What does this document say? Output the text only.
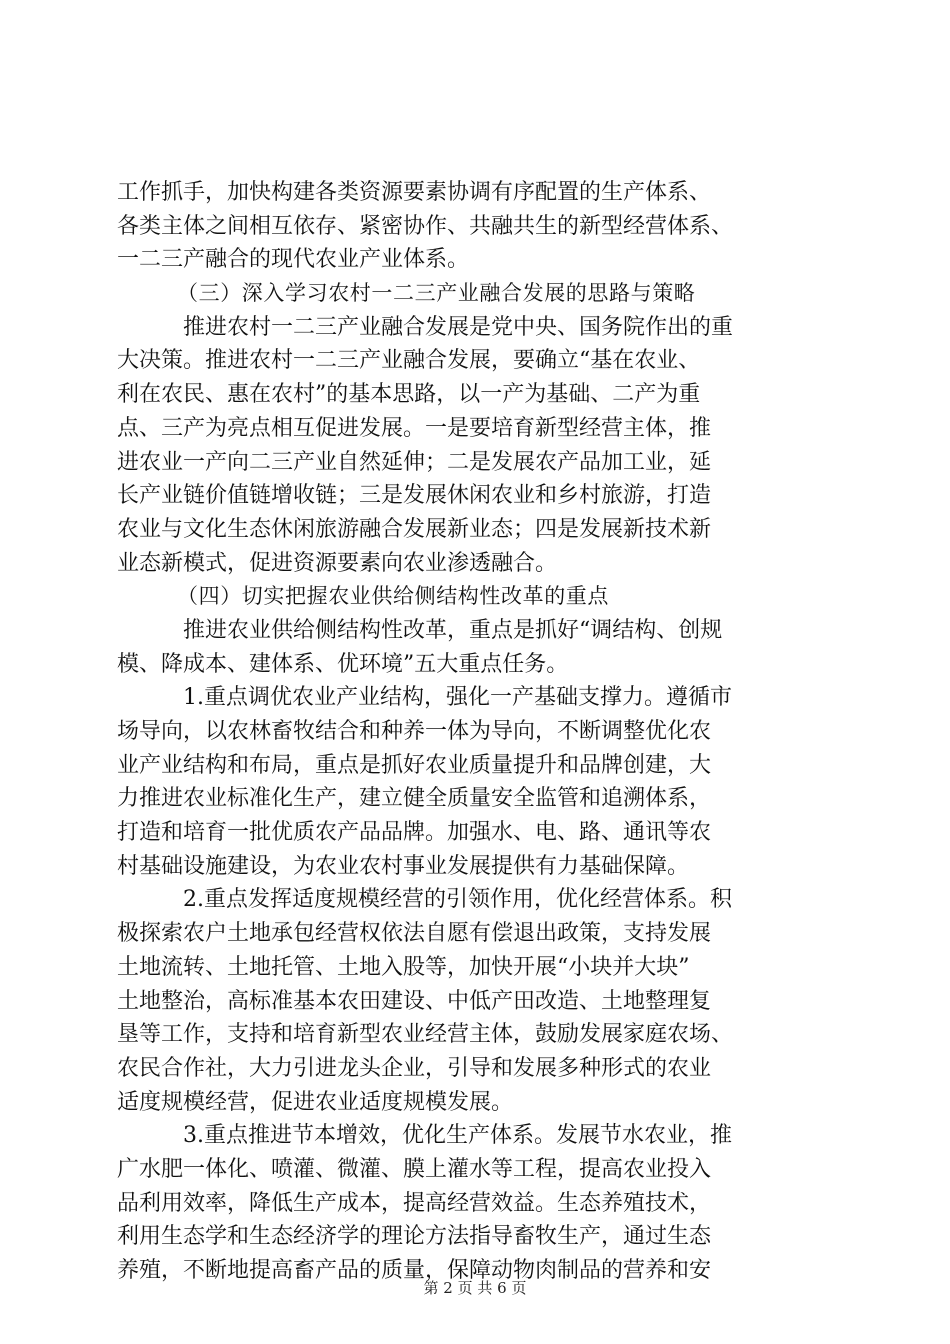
工作抓手，加快构建各类资源要素协调有序配置的生产体系、
各类主体之间相互依存、紧密协作、共融共生的新型经营体系、
一二三产融合的现代农业产业体系。
（三）深入学习农村一二三产业融合发展的思路与策略
推进农村一二三产业融合发展是党中央、国务院作出的重
大决策。推进农村一二三产业融合发展，要确立“基在农业、
利在农民、惠在农村”的基本思路，以一产为基础、二产为重
点、三产为亮点相互促进发展。一是要培育新型经营主体，推
进农业一产向二三产业自然延伸；二是发展农产品加工业，延
长产业链价值链增收链；三是发展休闲农业和乡村旅游，打造
农业与文化生态休闲旅游融合发展新业态；四是发展新技术新
业态新模式，促进资源要素向农业渗透融合。
（四）切实把握农业供给侧结构性改革的重点
推进农业供给侧结构性改革，重点是抓好“调结构、创规
模、降成本、建体系、优环境”五大重点任务。
1.重点调优农业产业结构，强化一产基础支撑力。遵循市
场导向，以农林畜牧结合和种养一体为导向，不断调整优化农
业产业结构和布局，重点是抓好农业质量提升和品牌创建，大
力推进农业标准化生产，建立健全质量安全监管和追溯体系，
打造和培育一批优质农产品品牌。加强水、电、路、通讯等农
村基础设施建设，为农业农村事业发展提供有力基础保障。
2.重点发挥适度规模经营的引领作用，优化经营体系。积
极探索农户土地承包经营权依法自愿有偿退出政策，支持发展
土地流转、土地托管、土地入股等，加快开展“小块并大块”
土地整治，高标准基本农田建设、中低产田改造、土地整理复
垦等工作，支持和培育新型农业经营主体，鼓励发展家庭农场、
农民合作社，大力引进龙头企业，引导和发展多种形式的农业
适度规模经营，促进农业适度规模发展。
3.重点推进节本增效，优化生产体系。发展节水农业，推
广水肥一体化、喷灌、微灌、膜上灌水等工程，提高农业投入
品利用效率，降低生产成本，提高经营效益。生态养殖技术，
利用生态学和生态经济学的理论方法指导畜牧生产，通过生态
养殖，不断地提高畜产品的质量，保障动物肉制品的营养和安
第 2 页 共 6 页
